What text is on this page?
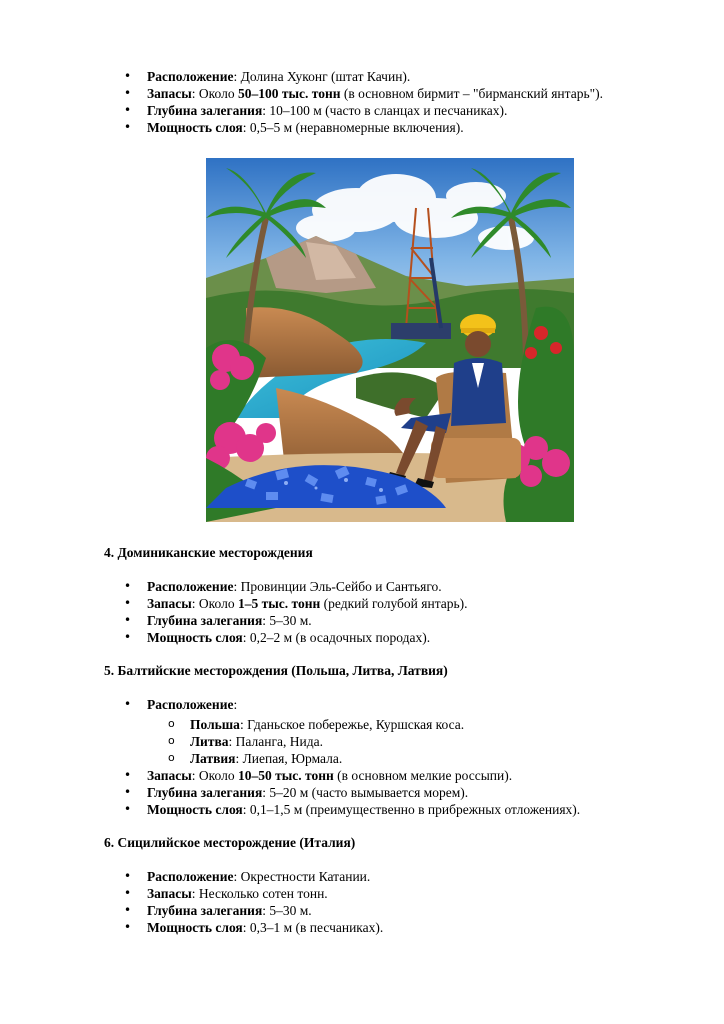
• Расположение: Долина Хуконг (штат Качин).
• Запасы: Около 50–100 тыс. тонн (в основном бирмит – "бирманский янтарь").
• Глубина залегания: 10–100 м (часто в сланцах и песчаниках).
• Мощность слоя: 0,5–5 м (неравномерные включения).
4. Доминиканские месторождения
• Расположение: Провинции Эль-Сейбо и Сантьяго.
• Запасы: Около 1–5 тыс. тонн (редкий голубой янтарь).
• Глубина залегания: 5–30 м.
• Мощность слоя: 0,2–2 м (в осадочных породах).
5. Балтийские месторождения (Польша, Литва, Латвия)
• Расположение:
o Польша: Гданьское побережье, Куршская коса.
o Литва: Паланга, Нида.
o Латвия: Лиепая, Юрмала.
• Запасы: Около 10–50 тыс. тонн (в основном мелкие россыпи).
• Глубина залегания: 5–20 м (часто вымывается морем).
• Мощность слоя: 0,1–1,5 м (преимущественно в прибрежных отложениях).
6. Сицилийское месторождение (Италия)
• Расположение: Окрестности Катании.
• Запасы: Несколько сотен тонн.
• Глубина залегания: 5–30 м.
• Мощность слоя: 0,3–1 м (в песчаниках).
